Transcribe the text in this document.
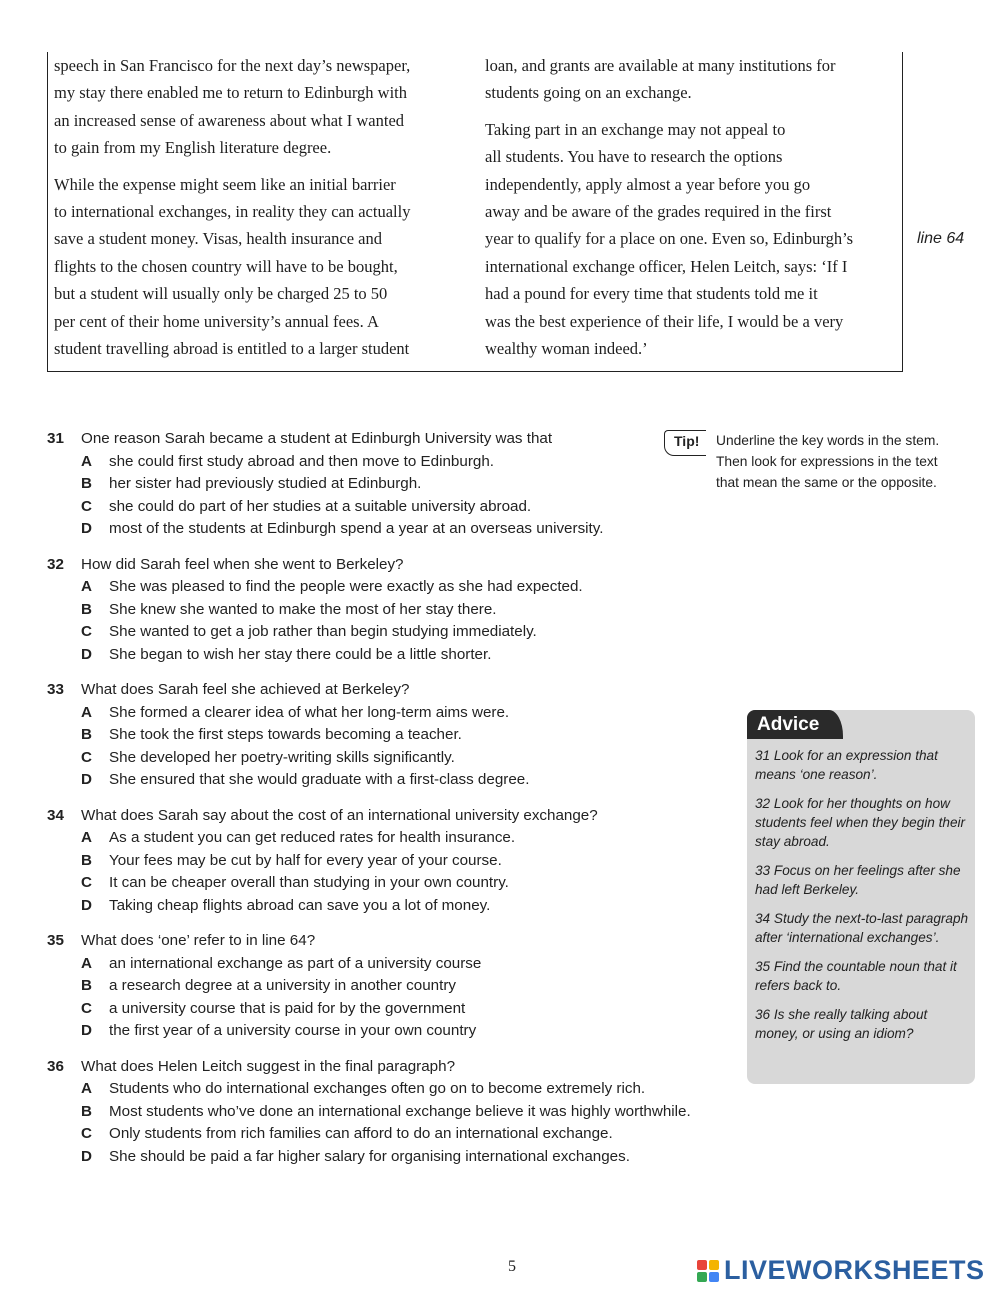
speech in San Francisco for the next day’s newspaper,
my stay there enabled me to return to Edinburgh with
an increased sense of awareness about what I wanted
to gain from my English literature degree.

While the expense might seem like an initial barrier
to international exchanges, in reality they can actually
save a student money. Visas, health insurance and
flights to the chosen country will have to be bought,
but a student will usually only be charged 25 to 50
per cent of their home university’s annual fees. A
student travelling abroad is entitled to a larger student

loan, and grants are available at many institutions for
students going on an exchange.

Taking part in an exchange may not appeal to
all students. You have to research the options
independently, apply almost a year before you go
away and be aware of the grades required in the first
year to qualify for a place on one. Even so, Edinburgh’s
international exchange officer, Helen Leitch, says: ‘If I
had a pound for every time that students told me it
was the best experience of their life, I would be a very
wealthy woman indeed.’

line 64
31	One reason Sarah became a student at Edinburgh University was that
A	she could first study abroad and then move to Edinburgh.
B	her sister had previously studied at Edinburgh.
C	she could do part of her studies at a suitable university abroad.
D	most of the students at Edinburgh spend a year at an overseas university.
32	How did Sarah feel when she went to Berkeley?
A	She was pleased to find the people were exactly as she had expected.
B	She knew she wanted to make the most of her stay there.
C	She wanted to get a job rather than begin studying immediately.
D	She began to wish her stay there could be a little shorter.
33	What does Sarah feel she achieved at Berkeley?
A	She formed a clearer idea of what her long-term aims were.
B	She took the first steps towards becoming a teacher.
C	She developed her poetry-writing skills significantly.
D	She ensured that she would graduate with a first-class degree.
34	What does Sarah say about the cost of an international university exchange?
A	As a student you can get reduced rates for health insurance.
B	Your fees may be cut by half for every year of your course.
C	It can be cheaper overall than studying in your own country.
D	Taking cheap flights abroad can save you a lot of money.
35	What does ‘one’ refer to in line 64?
A	an international exchange as part of a university course
B	a research degree at a university in another country
C	a university course that is paid for by the government
D	the first year of a university course in your own country
36	What does Helen Leitch suggest in the final paragraph?
A	Students who do international exchanges often go on to become extremely rich.
B	Most students who’ve done an international exchange believe it was highly worthwhile.
C	Only students from rich families can afford to do an international exchange.
D	She should be paid a far higher salary for organising international exchanges.
Tip!	Underline the key words in the stem. Then look for expressions in the text that mean the same or the opposite.
Advice
31 Look for an expression that means ‘one reason’.
32 Look for her thoughts on how students feel when they begin their stay abroad.
33 Focus on her feelings after she had left Berkeley.
34 Study the next-to-last paragraph after ‘international exchanges’.
35 Find the countable noun that it refers back to.
36 Is she really talking about money, or using an idiom?
5	LIVEWORKSHEETS
